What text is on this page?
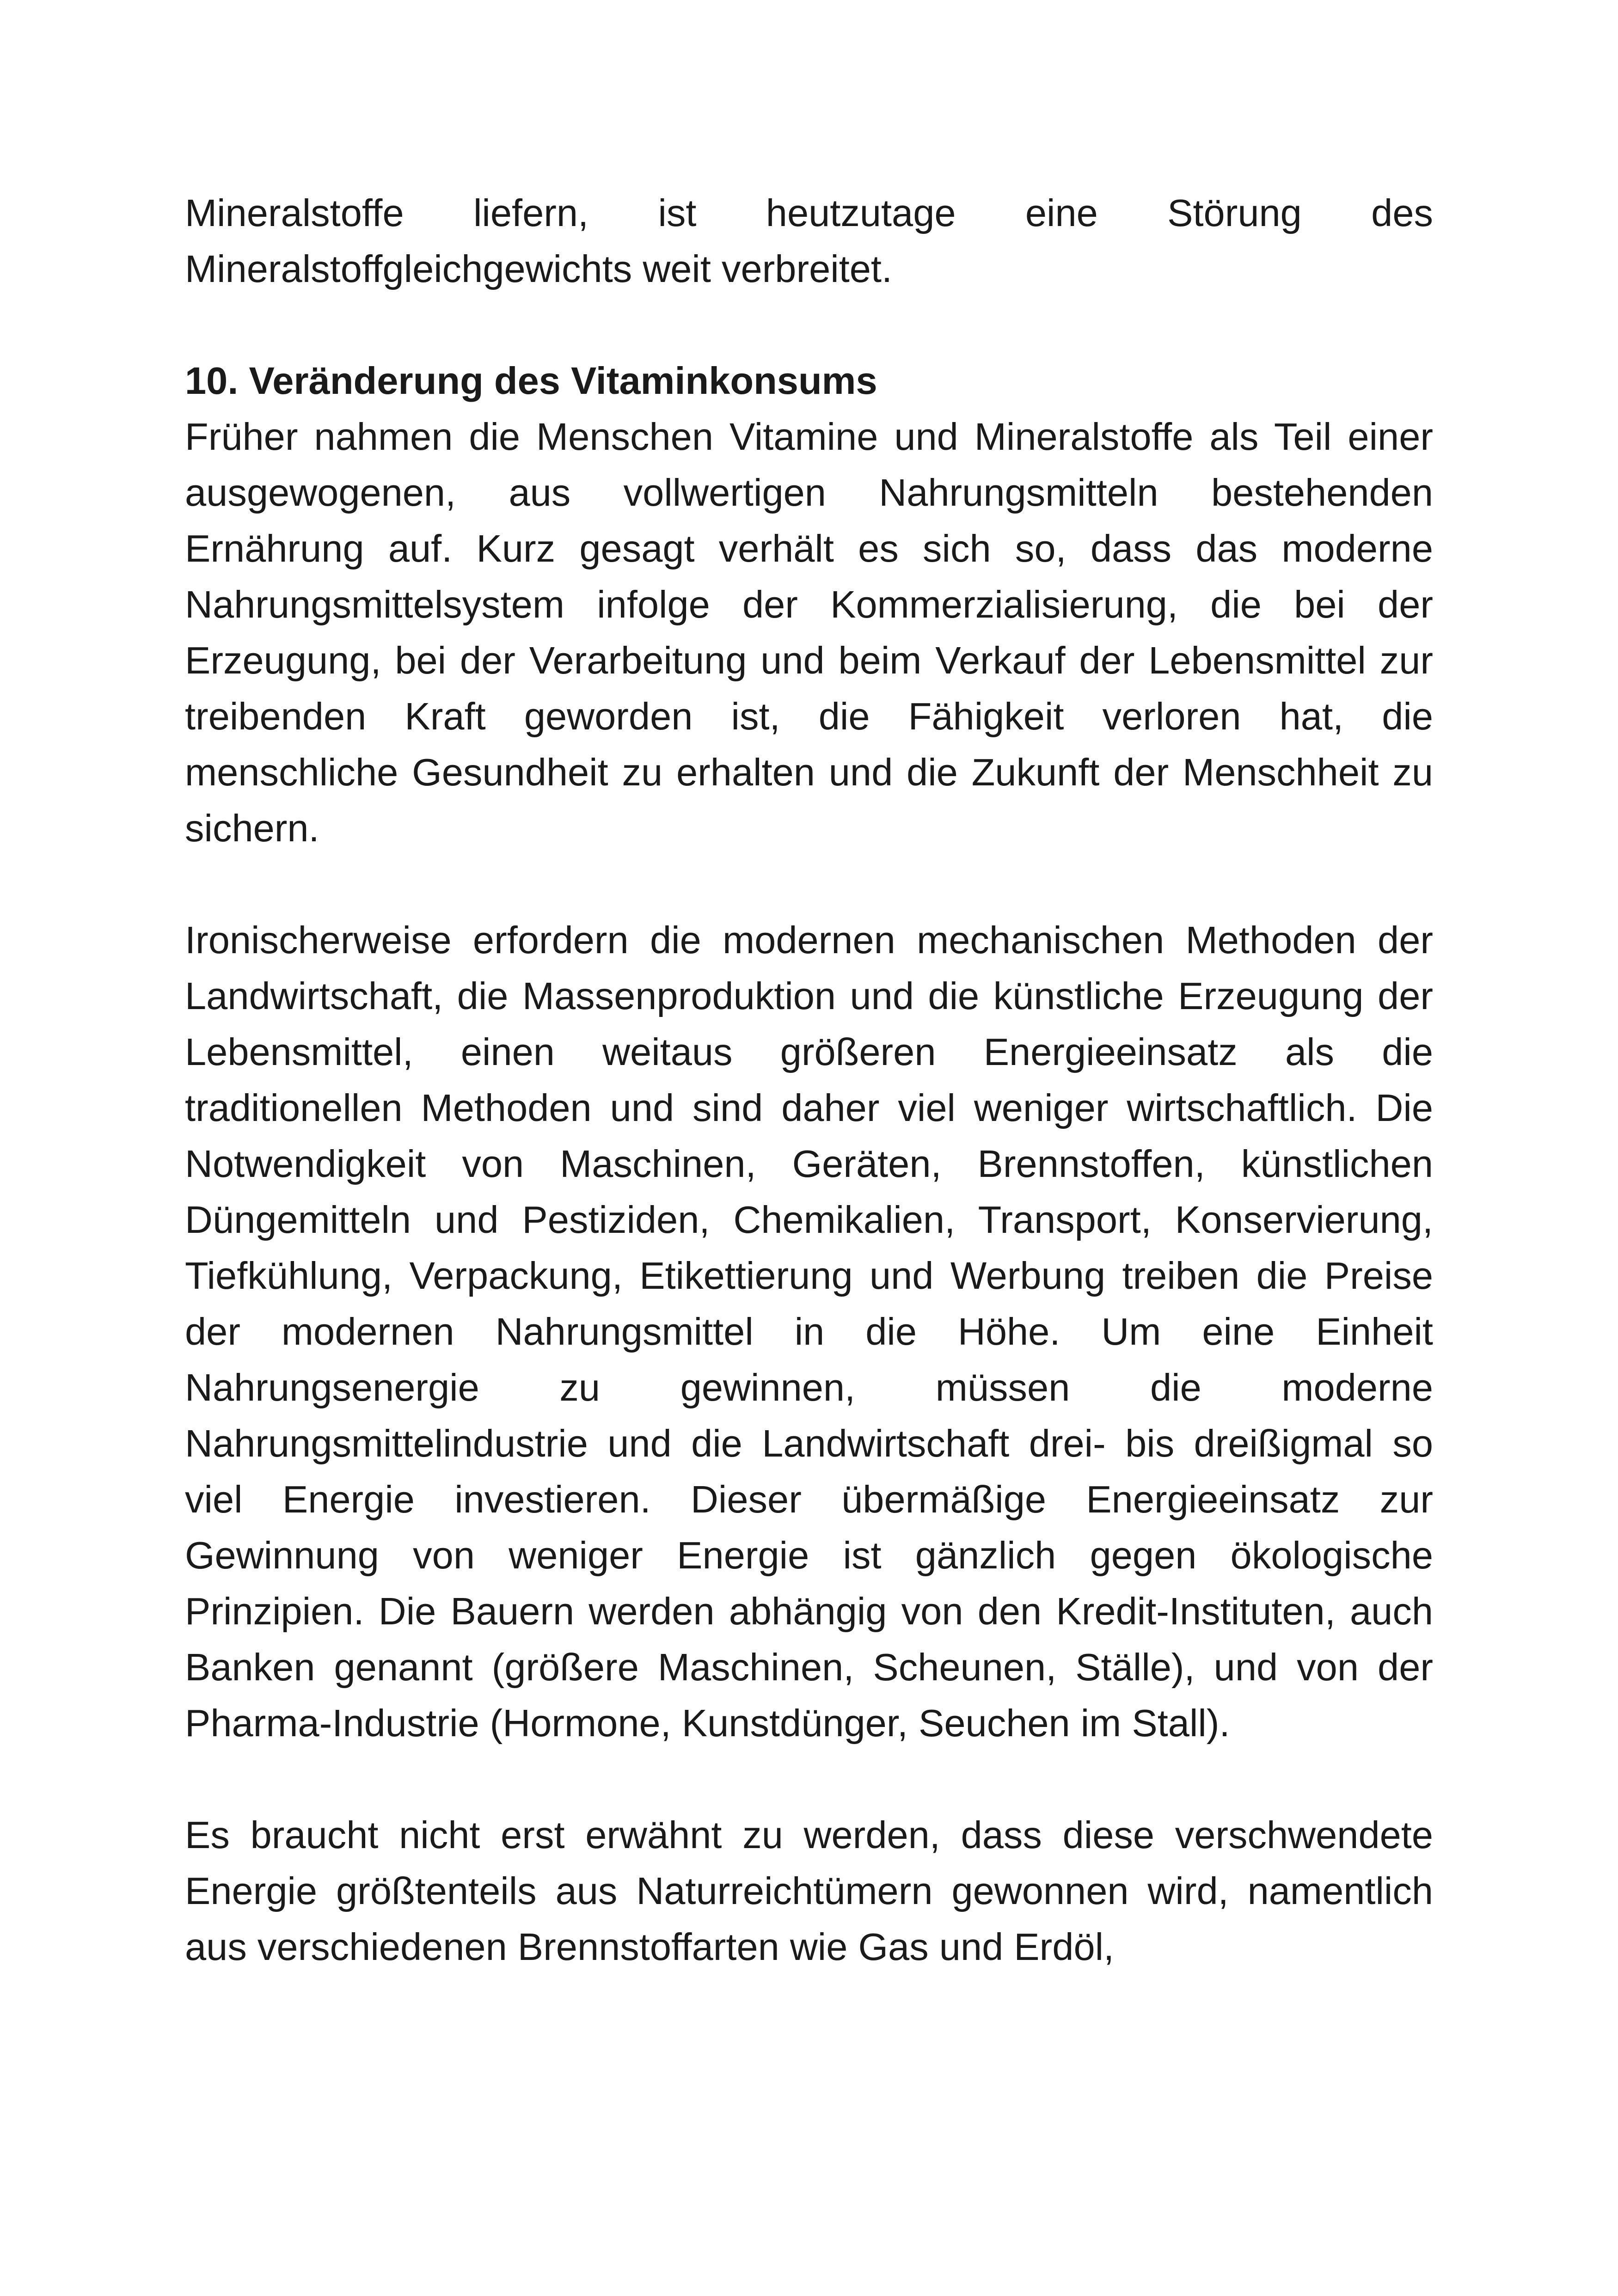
Mineralstoffe liefern, ist heutzutage eine Störung des Mineralstoffgleichgewichts weit verbreitet.

10. Veränderung des Vitaminkonsums

Früher nahmen die Menschen Vitamine und Mineralstoffe als Teil einer ausgewogenen, aus vollwertigen Nahrungsmitteln bestehenden Ernährung auf. Kurz gesagt verhält es sich so, dass das moderne Nahrungsmittelsystem infolge der Kommerzialisierung, die bei der Erzeugung, bei der Verarbeitung und beim Verkauf der Lebensmittel zur treibenden Kraft geworden ist, die Fähigkeit verloren hat, die menschliche Gesundheit zu erhalten und die Zukunft der Menschheit zu sichern.

Ironischerweise erfordern die modernen mechanischen Methoden der Landwirtschaft, die Massenproduktion und die künstliche Erzeugung der Lebensmittel, einen weitaus größeren Energieeinsatz als die traditionellen Methoden und sind daher viel weniger wirtschaftlich. Die Notwendigkeit von Maschinen, Geräten, Brennstoffen, künstlichen Düngemitteln und Pestiziden, Chemikalien, Transport, Konservierung, Tiefkühlung, Verpackung, Etikettierung und Werbung treiben die Preise der modernen Nahrungsmittel in die Höhe. Um eine Einheit Nahrungsenergie zu gewinnen, müssen die moderne Nahrungsmittelindustrie und die Landwirtschaft drei- bis dreißigmal so viel Energie investieren. Dieser übermäßige Energieeinsatz zur Gewinnung von weniger Energie ist gänzlich gegen ökologische Prinzipien. Die Bauern werden abhängig von den Kredit-Instituten, auch Banken genannt (größere Maschinen, Scheunen, Ställe), und von der Pharma-Industrie (Hormone, Kunstdünger, Seuchen im Stall).

Es braucht nicht erst erwähnt zu werden, dass diese verschwendete Energie größtenteils aus Naturreichtümern gewonnen wird, namentlich aus verschiedenen Brennstoffarten wie Gas und Erdöl,
